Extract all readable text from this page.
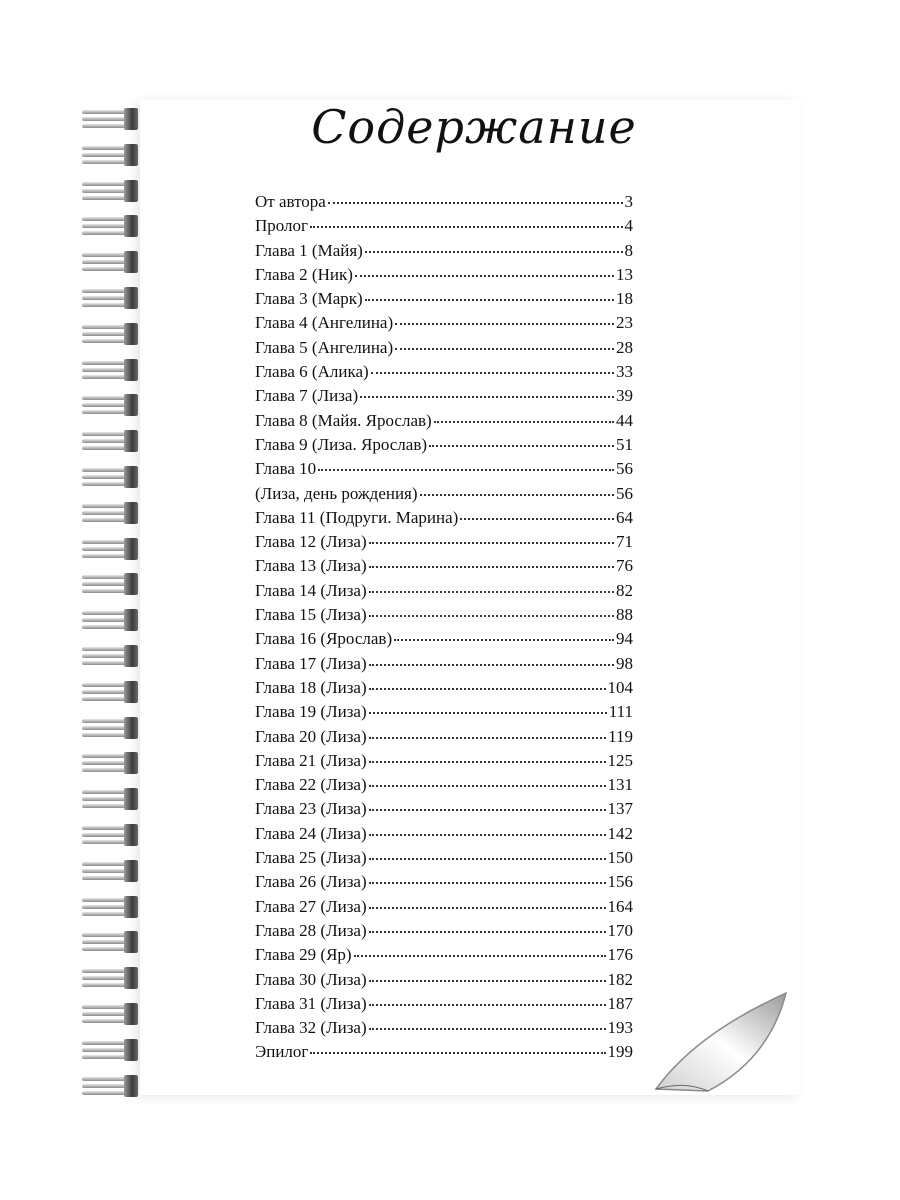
Содержание
От автора	3
Пролог	4
Глава 1 (Майя)	8
Глава 2 (Ник)	13
Глава 3 (Марк)	18
Глава 4 (Ангелина)	23
Глава 5 (Ангелина)	28
Глава 6 (Алика)	33
Глава 7 (Лиза)	39
Глава 8 (Майя. Ярослав)	44
Глава 9 (Лиза. Ярослав)	51
Глава 10	56
(Лиза, день рождения)	56
Глава 11 (Подруги. Марина)	64
Глава 12 (Лиза)	71
Глава 13 (Лиза)	76
Глава 14 (Лиза)	82
Глава 15 (Лиза)	88
Глава 16 (Ярослав)	94
Глава 17 (Лиза)	98
Глава 18 (Лиза)	104
Глава 19 (Лиза)	111
Глава 20 (Лиза)	119
Глава 21 (Лиза)	125
Глава 22 (Лиза)	131
Глава 23 (Лиза)	137
Глава 24 (Лиза)	142
Глава 25 (Лиза)	150
Глава 26 (Лиза)	156
Глава 27 (Лиза)	164
Глава 28 (Лиза)	170
Глава 29 (Яр)	176
Глава 30 (Лиза)	182
Глава 31 (Лиза)	187
Глава 32 (Лиза)	193
Эпилог	199
